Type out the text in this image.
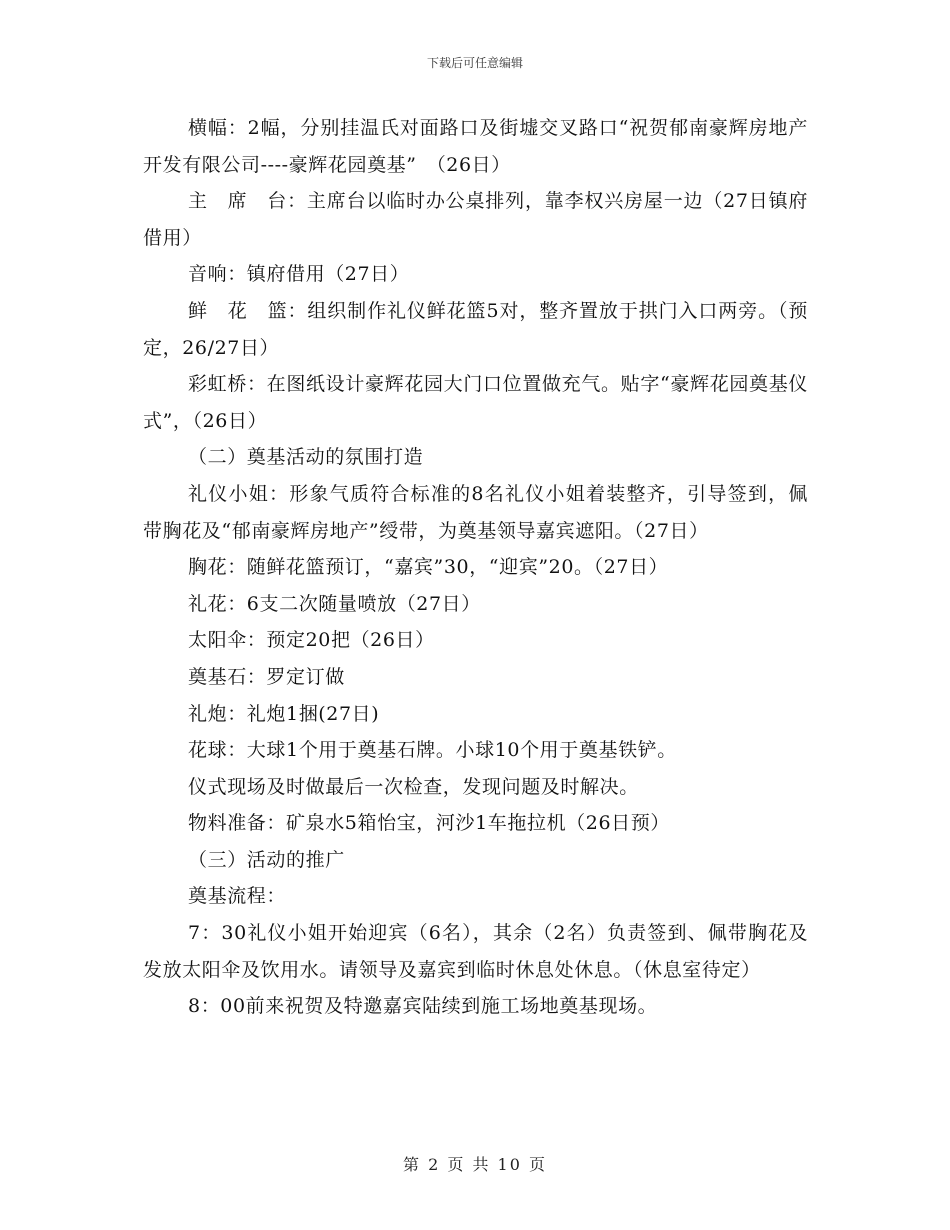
下载后可任意编辑

横幅：2幅，分别挂温氏对面路口及街墟交叉路口“祝贺郁南豪辉房地产开发有限公司----豪辉花园奠基”　（26日）

主　席　台：主席台以临时办公桌排列，靠李权兴房屋一边（27日镇府借用）

音响：镇府借用（27日）

鲜　花　篮：组织制作礼仪鲜花篮5对，整齐置放于拱门入口两旁。（预定，26/27日）

彩虹桥：在图纸设计豪辉花园大门口位置做充气。贴字“豪辉花园奠基仪式”，（26日）

（二）奠基活动的氛围打造

礼仪小姐：形象气质符合标准的8名礼仪小姐着装整齐，引导签到，佩带胸花及“郁南豪辉房地产”绶带，为奠基领导嘉宾遮阳。（27日）

胸花：随鲜花篮预订，“嘉宾”30，“迎宾”20。（27日）

礼花：6支二次随量喷放（27日）

太阳伞：预定20把（26日）

奠基石：罗定订做

礼炮：礼炮1捆(27日)

花球：大球1个用于奠基石牌。小球10个用于奠基铁铲。

仪式现场及时做最后一次检查，发现问题及时解决。

物料准备：矿泉水5箱怡宝，河沙1车拖拉机（26日预）

（三）活动的推广

奠基流程：

7：30礼仪小姐开始迎宾（6名），其余（2名）负责签到、佩带胸花及发放太阳伞及饮用水。请领导及嘉宾到临时休息处休息。（休息室待定）

8：00前来祝贺及特邀嘉宾陆续到施工场地奠基现场。

第 2 页 共 10 页
